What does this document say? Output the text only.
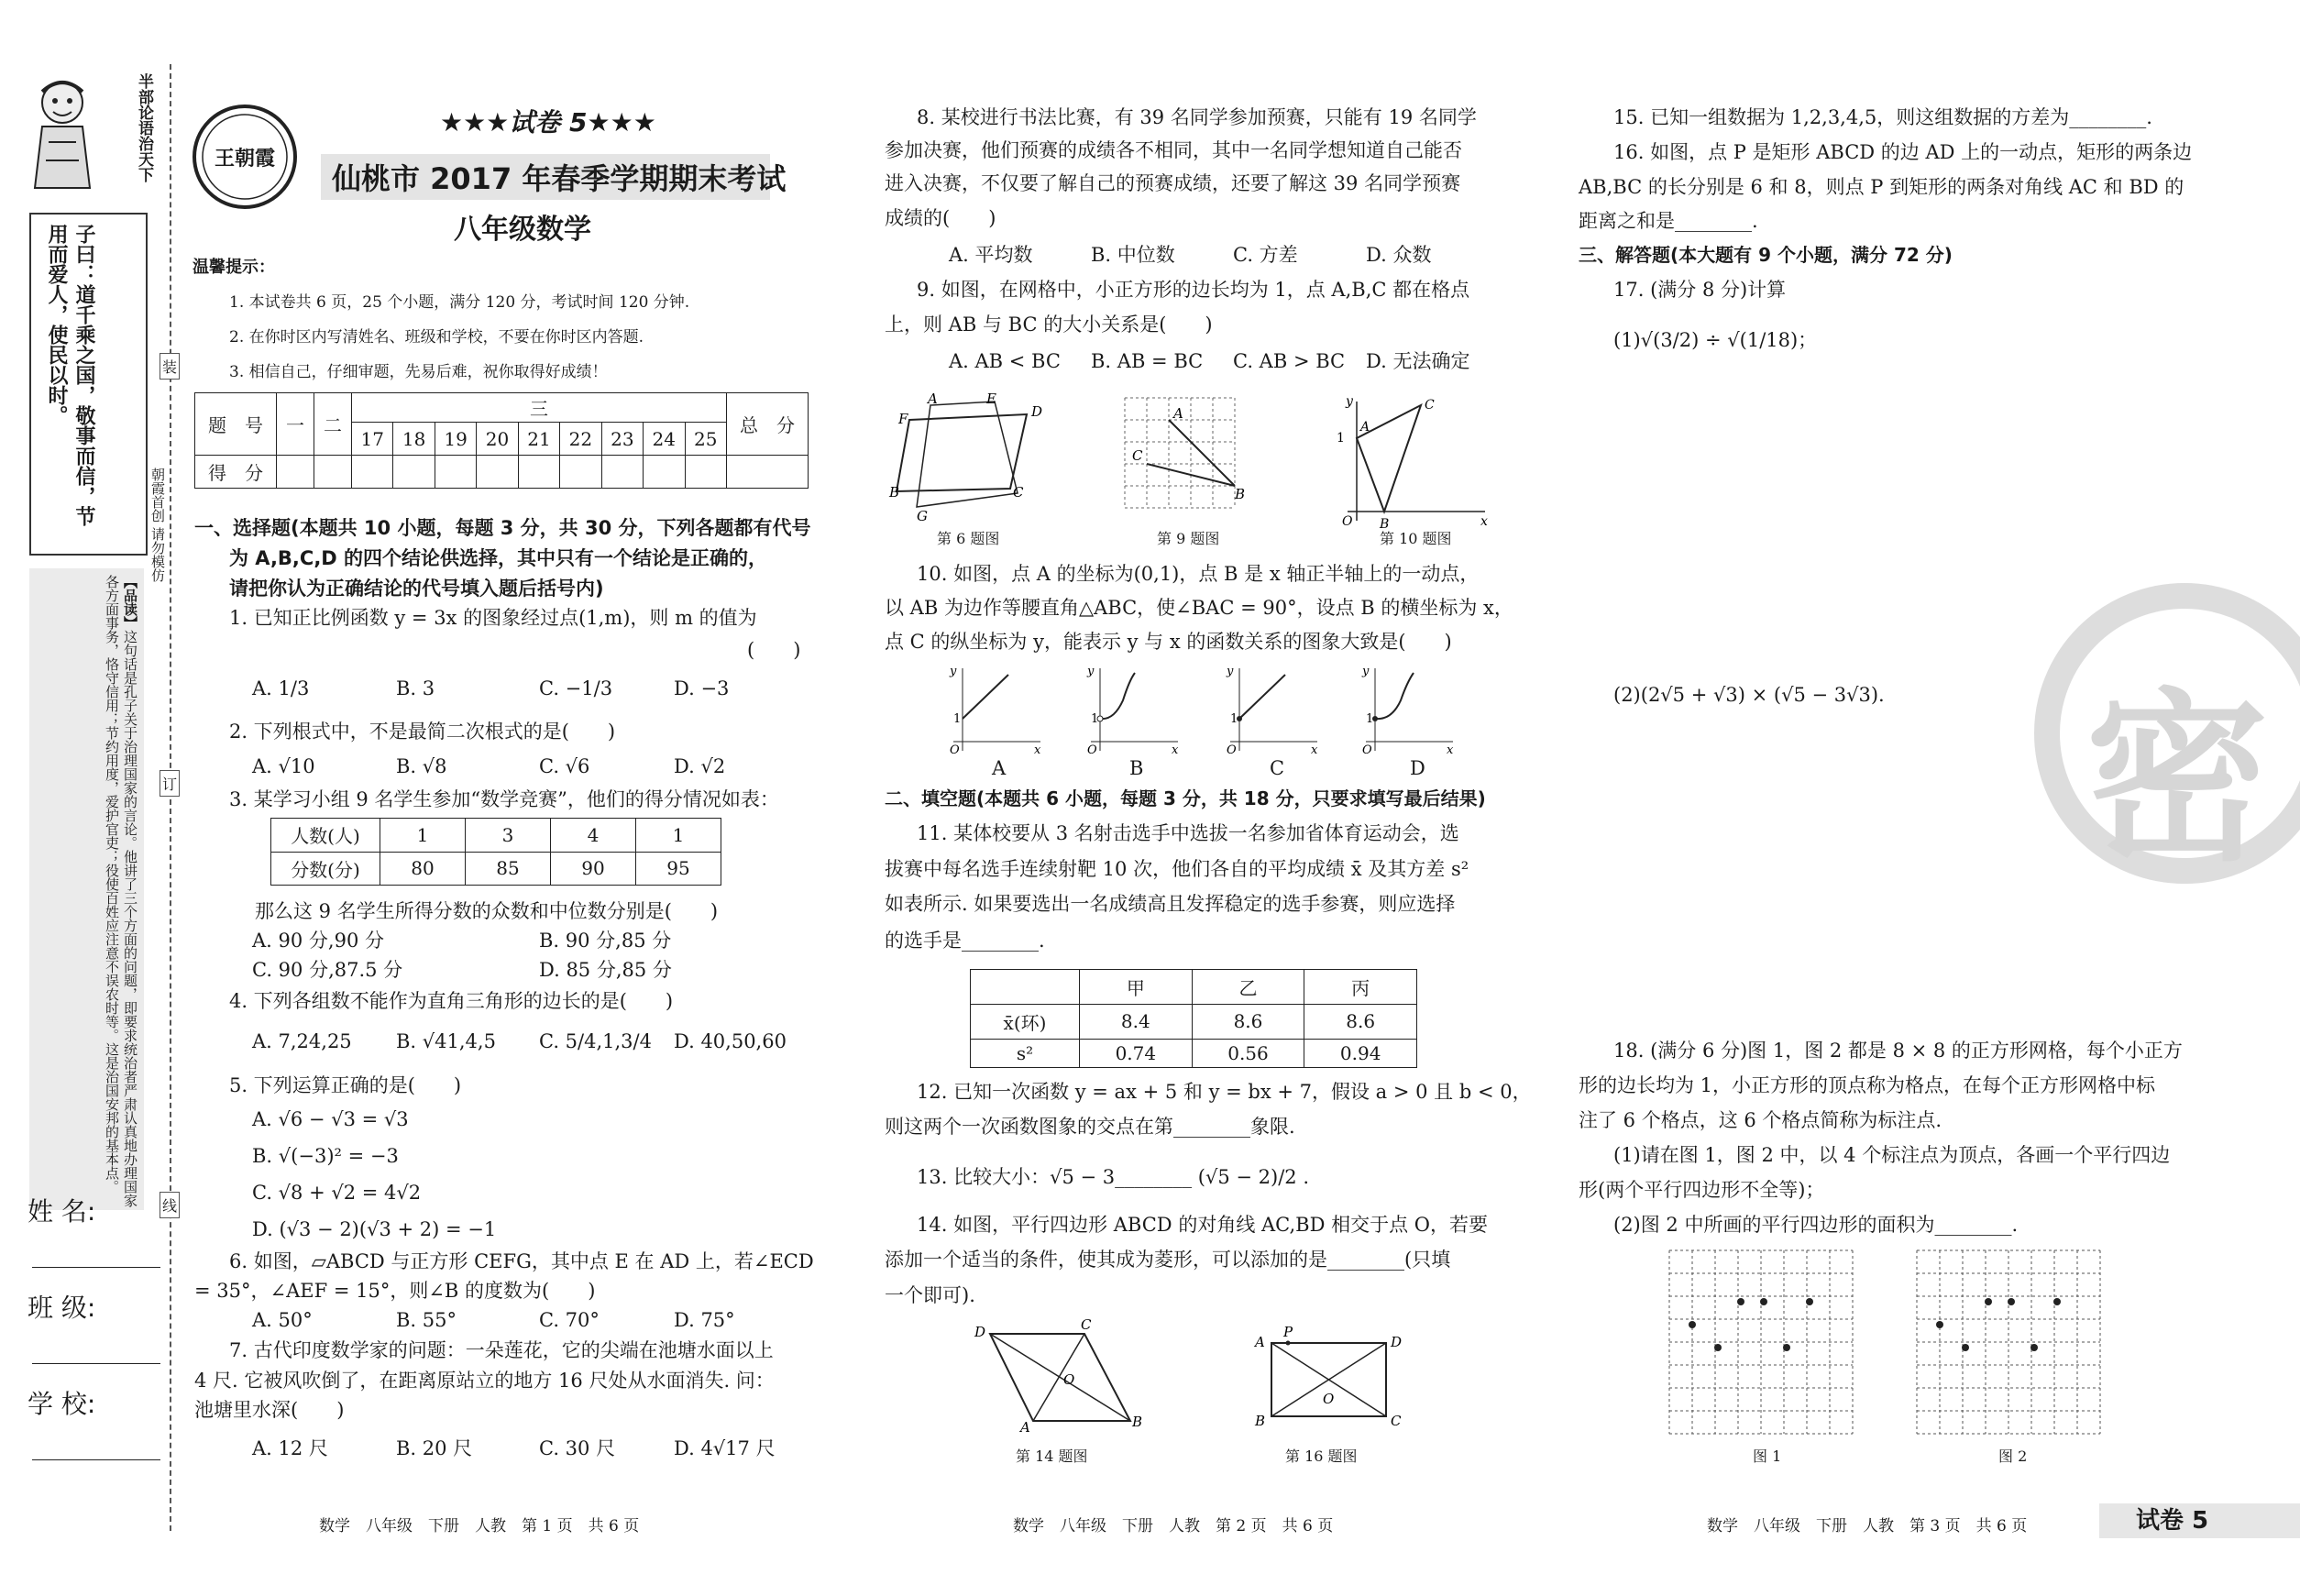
半部论语治天下
子曰：道千乘之国，敬事而信，节用而爱人，使民以时。
【品读】这句话是孔子关于治理国家的言论。他讲了三个方面的问题，即要求统治者严肃认真地办理国家各方面事务，恪守信用；节约用度，爱护官吏；役使百姓应注意不误农时等。这是治国安邦的基本点。
姓 名:
班 级:
学 校:
装
订
线
朝霞首创 请勿模仿
王朝霞
★★★试卷 5★★★
仙桃市 2017 年春季学期期末考试
八年级数学
温馨提示：
1. 本试卷共 6 页，25 个小题，满分 120 分，考试时间 120 分钟.
2. 在你时区内写清姓名、班级和学校，不要在你时区内答题.
3. 相信自己，仔细审题，先易后难，祝你取得好成绩！
题　号	一	二	三									总　分
			17	18	19	20	21	22	23	24	25	
得　分												
一、选择题(本题共 10 小题，每题 3 分，共 30 分，下列各题都有代号
为 A,B,C,D 的四个结论供选择，其中只有一个结论是正确的，
请把你认为正确结论的代号填入题后括号内)
1. 已知正比例函数 y = 3x 的图象经过点(1,m)，则 m 的值为
(　　)
A. 1/3	B. 3	C. −1/3	D. −3
2. 下列根式中，不是最简二次根式的是(　　)
A. √10	B. √8	C. √6	D. √2
3. 某学习小组 9 名学生参加“数学竞赛”，他们的得分情况如表：
人数(人)	1	3	4	1
分数(分)	80	85	90	95
那么这 9 名学生所得分数的众数和中位数分别是(　　)
A. 90 分,90 分	B. 90 分,85 分
C. 90 分,87.5 分	D. 85 分,85 分
4. 下列各组数不能作为直角三角形的边长的是(　　)
A. 7,24,25 B. √41,4,5 C. 5/4,1,3/4 D. 40,50,60
5. 下列运算正确的是(　　)
A. √6 − √3 = √3
B. √(−3)² = −3
C. √8 + √2 = 4√2
D. (√3 − 2)(√3 + 2) = −1
6. 如图，▱ABCD 与正方形 CEFG，其中点 E 在 AD 上，若∠ECD
= 35°，∠AEF = 15°，则∠B 的度数为(　　)
A. 50°	B. 55°	C. 70°	D. 75°
7. 古代印度数学家的问题：一朵莲花，它的尖端在池塘水面以上
4 尺. 它被风吹倒了，在距离原站立的地方 16 尺处从水面消失. 问：
池塘里水深(　　)
A. 12 尺	B. 20 尺	C. 30 尺	D. 4√17 尺
数学　八年级　下册　人教　第 1 页　共 6 页
8. 某校进行书法比赛，有 39 名同学参加预赛，只能有 19 名同学
参加决赛，他们预赛的成绩各不相同，其中一名同学想知道自己能否
进入决赛，不仅要了解自己的预赛成绩，还要了解这 39 名同学预赛
成绩的(　　)
A. 平均数	B. 中位数	C. 方差	D. 众数
9. 如图，在网格中，小正方形的边长均为 1，点 A,B,C 都在格点
上，则 AB 与 BC 的大小关系是(　　)
A. AB < BC B. AB = BC C. AB > BC D. 无法确定
A	E
D
F
B	C
G
第 6 题图
A
C
B
第 9 题图
y
1
A
C
O B	x
第 10 题图
10. 如图，点 A 的坐标为(0,1)，点 B 是 x 轴正半轴上的一动点，
以 AB 为边作等腰直角△ABC，使∠BAC = 90°，设点 B 的横坐标为 x，
点 C 的纵坐标为 y，能表示 y 与 x 的函数关系的图象大致是(　　)
y
1
O	x
y
1
O	x
y
1
O	x
y
1
O	x
A	B	C	D
二、填空题(本题共 6 小题，每题 3 分，共 18 分，只要求填写最后结果)
11. 某体校要从 3 名射击选手中选拔一名参加省体育运动会，选
拔赛中每名选手连续射靶 10 次，他们各自的平均成绩 x̄ 及其方差 s²
如表所示. 如果要选出一名成绩高且发挥稳定的选手参赛，则应选择
的选手是________.
	甲	乙	丙
x̄(环)	8.4	8.6	8.6
s²	0.74	0.56	0.94
12. 已知一次函数 y = ax + 5 和 y = bx + 7，假设 a > 0 且 b < 0，
则这两个一次函数图象的交点在第________象限.
13. 比较大小：√5 − 3________ (√5 − 2)/2 .
14. 如图，平行四边形 ABCD 的对角线 AC,BD 相交于点 O，若要
添加一个适当的条件，使其成为菱形，可以添加的是________(只填
一个即可).
D	C
O
A	B
第 14 题图
A
P
D
O
B	C
第 16 题图
数学　八年级　下册　人教　第 2 页　共 6 页
15. 已知一组数据为 1,2,3,4,5，则这组数据的方差为________.
16. 如图，点 P 是矩形 ABCD 的边 AD 上的一动点，矩形的两条边
AB,BC 的长分别是 6 和 8，则点 P 到矩形的两条对角线 AC 和 BD 的
距离之和是________.
三、解答题(本大题有 9 个小题，满分 72 分)
17. (满分 8 分)计算
(1)√(3/2) ÷ √(1/18)；
(2)(2√5 + √3) × (√5 − 3√3). 密
18. (满分 6 分)图 1，图 2 都是 8 × 8 的正方形网格，每个小正方
形的边长均为 1，小正方形的顶点称为格点，在每个正方形网格中标
注了 6 个格点，这 6 个格点简称为标注点.
(1)请在图 1，图 2 中，以 4 个标注点为顶点，各画一个平行四边
形(两个平行四边形不全等)；
(2)图 2 中所画的平行四边形的面积为________.
图 1	图 2
数学　八年级　下册　人教　第 3 页　共 6 页	试卷 5
